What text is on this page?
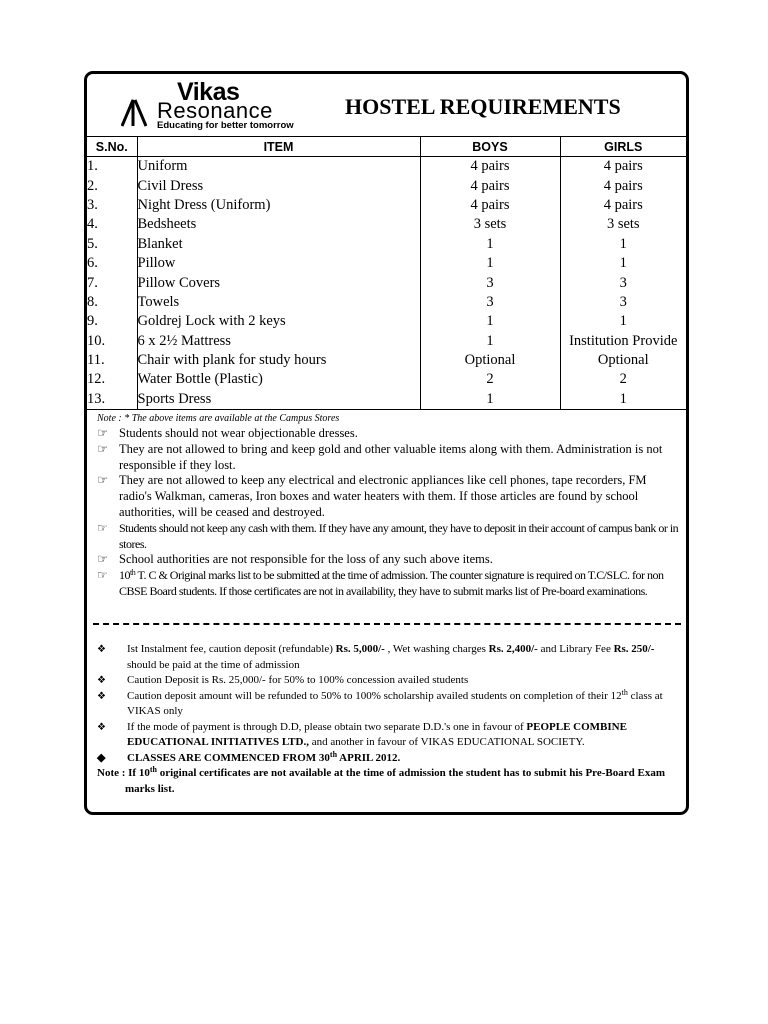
Vikas
Resonance
Educating for better tomorrow
HOSTEL REQUIREMENTS
S.No.	ITEM	BOYS	GIRLS
1.	Uniform	4 pairs	4 pairs
2.	Civil Dress	4 pairs	4 pairs
3.	Night Dress (Uniform)	4 pairs	4 pairs
4.	Bedsheets	3 sets	3 sets
5.	Blanket	1	1
6.	Pillow	1	1
7.	Pillow Covers	3	3
8.	Towels	3	3
9.	Goldrej Lock with 2 keys	1	1
10.	6 x 2½ Mattress	1	Institution Provide
11.	Chair with plank for study hours	Optional	Optional
12.	Water Bottle (Plastic)	2	2
13.	Sports Dress	1	1
Note : * The above items are available at the Campus Stores
☞ Students should not wear objectionable dresses.
☞ They are not allowed to bring and keep gold and other valuable items along with them. Administration is not responsible if they lost.
☞ They are not allowed to keep any electrical and electronic appliances like cell phones, tape recorders, FM radio's Walkman, cameras, Iron boxes and water heaters with them. If those articles are found by school authorities, will be ceased and destroyed.
☞ Students should not keep any cash with them. If they have any amount, they have to deposit in their account of campus bank or in stores.
☞ School authorities are not responsible for the loss of any such above items.
☞ 10th T. C & Original marks list to be submitted at the time of admission. The counter signature is required on T.C/SLC. for non CBSE Board students. If those certificates are not in availability, they have to submit marks list of Pre-board examinations.
❖ Ist Instalment fee, caution deposit (refundable) Rs. 5,000/- , Wet washing charges Rs. 2,400/- and Library Fee Rs. 250/- should be paid at the time of admission
❖ Caution Deposit is Rs. 25,000/- for 50% to 100% concession availed students
❖ Caution deposit amount will be refunded to 50% to 100% scholarship availed students on completion of their 12th class at VIKAS only
❖ If the mode of payment is through D.D, please obtain two separate D.D.'s one in favour of PEOPLE COMBINE EDUCATIONAL INITIATIVES LTD., and another in favour of VIKAS EDUCATIONAL SOCIETY.
◆ CLASSES ARE COMMENCED FROM 30th APRIL 2012.
Note : If 10th original certificates are not available at the time of admission the student has to submit his Pre-Board Exam marks list.
